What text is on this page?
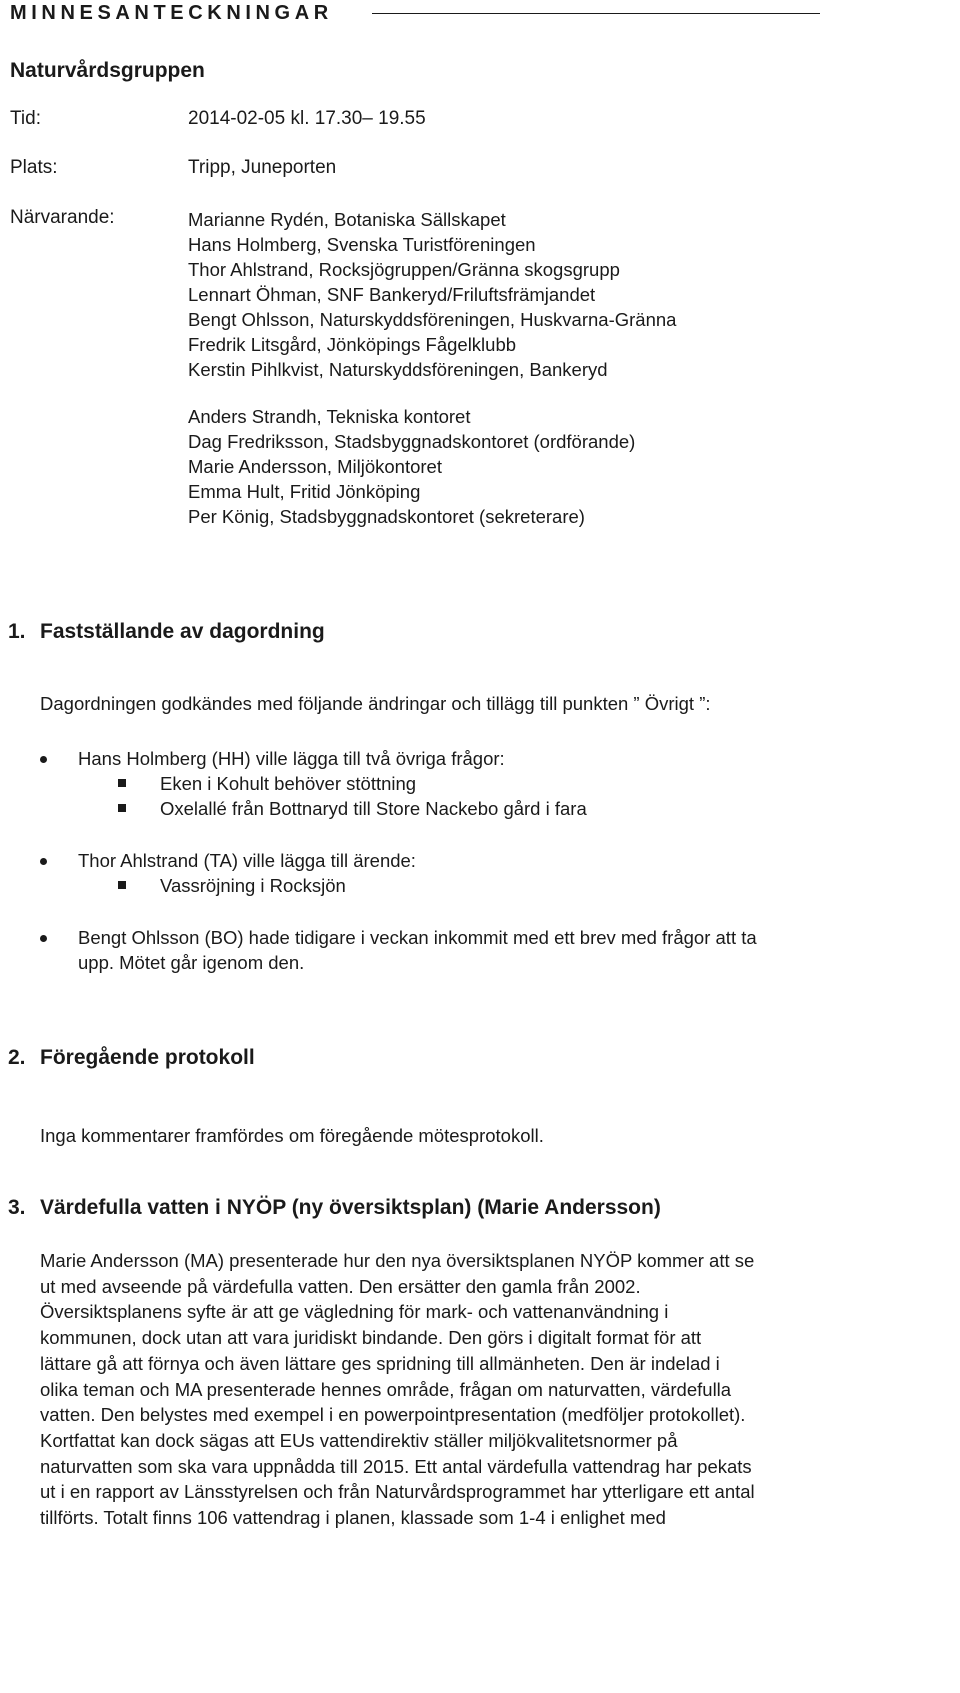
MINNESANTECKNINGAR
Naturvårdsgruppen
Tid:	2014-02-05 kl. 17.30– 19.55
Plats:	Tripp, Juneporten
Närvarande:	Marianne Rydén, Botaniska Sällskapet
Hans Holmberg, Svenska Turistföreningen
Thor Ahlstrand, Rocksjögruppen/Gränna skogsgrupp
Lennart Öhman, SNF Bankeryd/Friluftsfrämjandet
Bengt Ohlsson, Naturskyddsföreningen, Huskvarna-Gränna
Fredrik Litsgård, Jönköpings Fågelklubb
Kerstin Pihlkvist, Naturskyddsföreningen, Bankeryd
Anders Strandh, Tekniska kontoret
Dag Fredriksson, Stadsbyggnadskontoret (ordförande)
Marie Andersson, Miljökontoret
Emma Hult, Fritid Jönköping
Per König, Stadsbyggnadskontoret (sekreterare)
1. Fastställande av dagordning
Dagordningen godkändes med följande ändringar och tillägg till punkten ” Övrigt ”:
Hans Holmberg (HH) ville lägga till två övriga frågor:
Eken i Kohult behöver stöttning
Oxelallé från Bottnaryd till Store Nackebo gård i fara
Thor Ahlstrand (TA) ville lägga till ärende:
Vassröjning i Rocksjön
Bengt Ohlsson (BO) hade tidigare i veckan inkommit med ett brev med frågor att ta
upp. Mötet går igenom den.
2. Föregående protokoll
Inga kommentarer framfördes om föregående mötesprotokoll.
3. Värdefulla vatten i NYÖP (ny översiktsplan) (Marie Andersson)
Marie Andersson (MA) presenterade hur den nya översiktsplanen NYÖP kommer att se
ut med avseende på värdefulla vatten. Den ersätter den gamla från 2002.
Översiktsplanens syfte är att ge vägledning för mark- och vattenanvändning i
kommunen, dock utan att vara juridiskt bindande. Den görs i digitalt format för att
lättare gå att förnya och även lättare ges spridning till allmänheten. Den är indelad i
olika teman och MA presenterade hennes område, frågan om naturvatten, värdefulla
vatten. Den belystes med exempel i en powerpointpresentation (medföljer protokollet).
Kortfattat kan dock sägas att EUs vattendirektiv ställer miljökvalitetsnormer på
naturvatten som ska vara uppnådda till 2015. Ett antal värdefulla vattendrag har pekats
ut i en rapport av Länsstyrelsen och från Naturvårdsprogrammet har ytterligare ett antal
tillförts. Totalt finns 106 vattendrag i planen, klassade som 1-4 i enlighet med
